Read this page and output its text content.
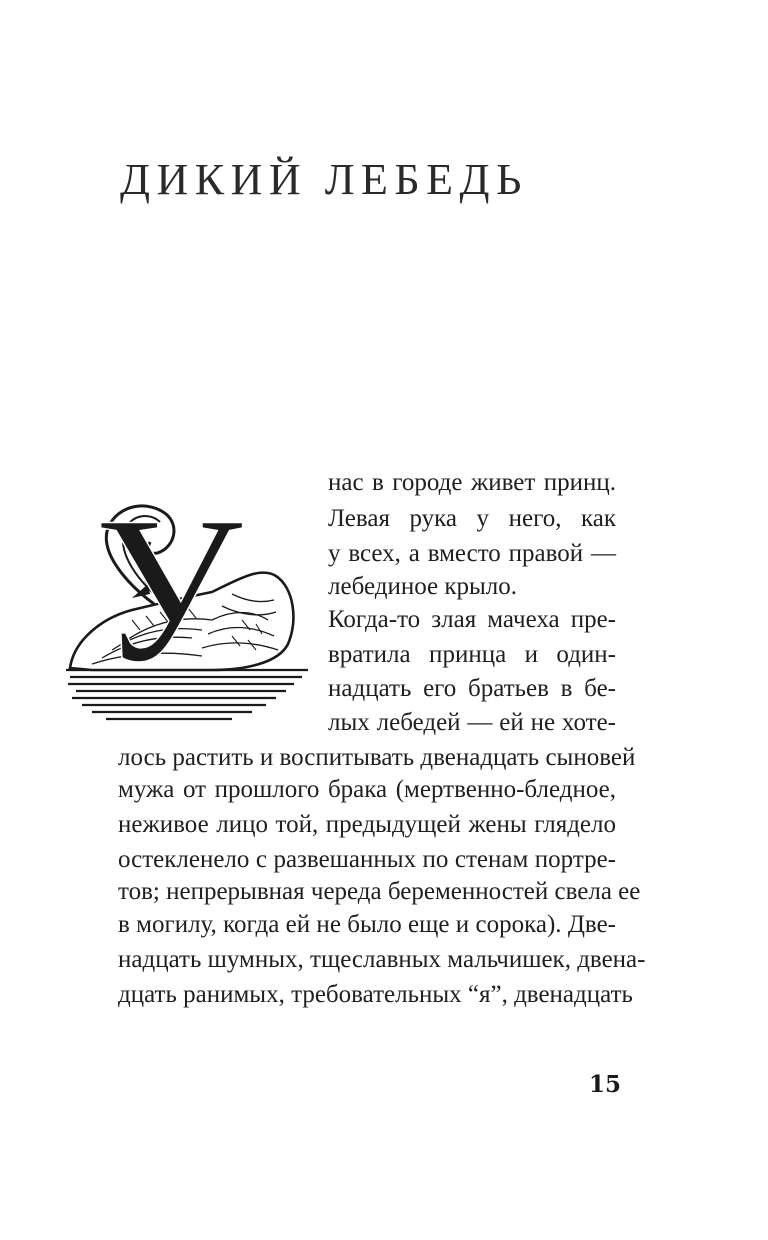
ДИКИЙ ЛЕБЕДЬ
У	нас в городе живет принц.

Левая рука у него, как

у всех, а вместо правой —

лебединое крыло.

Когда-то злая мачеха пре-

вратила принца и один-

надцать его братьев в бе-

лых лебедей — ей не хоте-

лось растить и воспитывать двенадцать сыновей

мужа от прошлого брака (мертвенно-бледное,

неживое лицо той, предыдущей жены глядело

остекленело с развешанных по стенам портре-

тов; непрерывная череда беременностей свела ее

в могилу, когда ей не было еще и сорока). Две-

надцать шумных, тщеславных мальчишек, двена-

дцать ранимых, требовательных “я”, двенадцать

15
